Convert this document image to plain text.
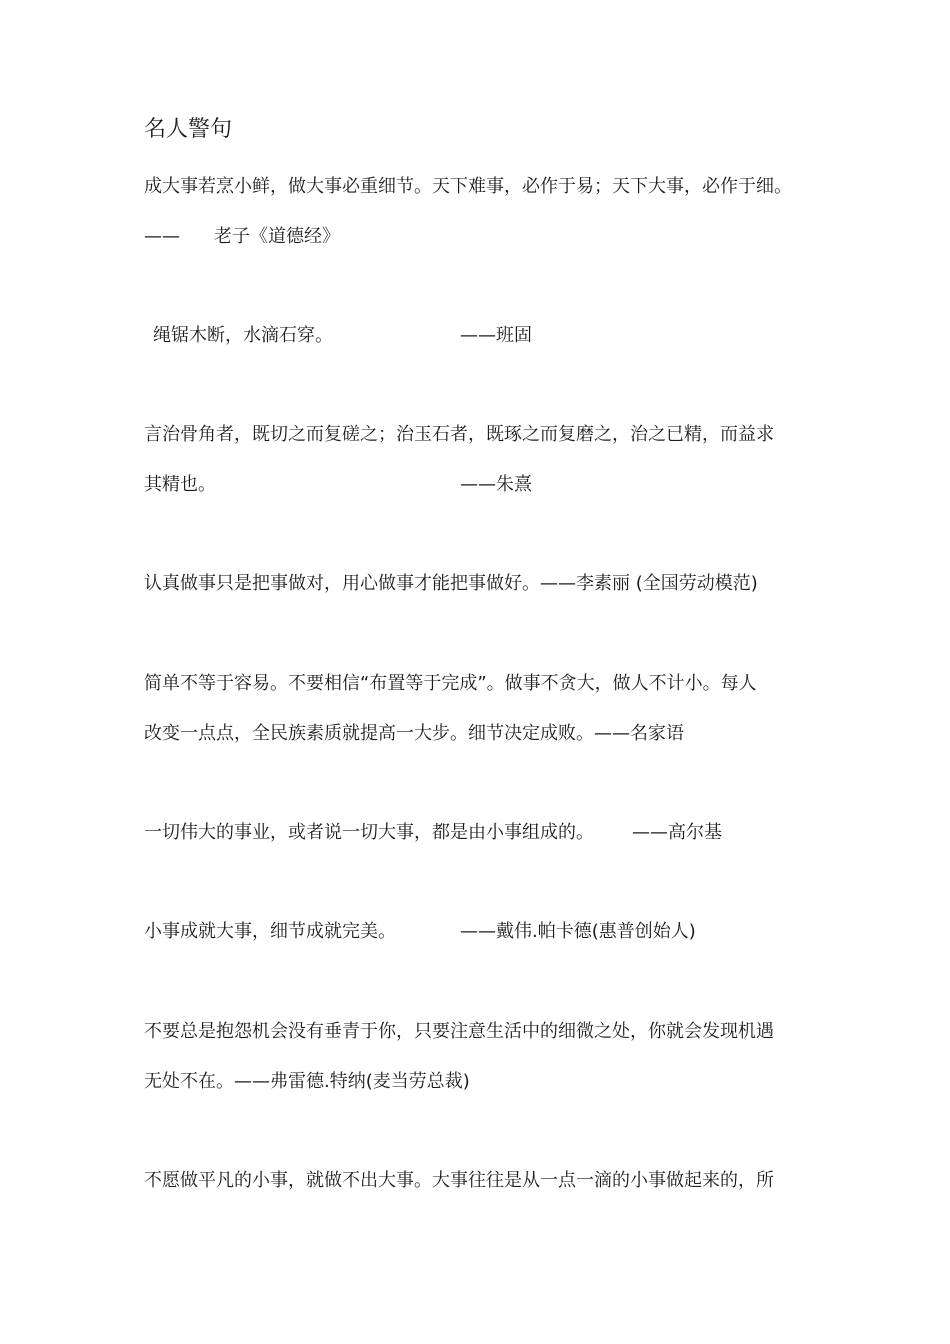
名人警句
成大事若烹小鲜，做大事必重细节。天下难事，必作于易；天下大事，必作于细。
—— 老子《道德经》
绳锯木断，水滴石穿。	——班固
言治骨角者，既切之而复磋之；治玉石者，既琢之而复磨之，治之已精，而益求
其精也。	——朱熹
认真做事只是把事做对，用心做事才能把事做好。——李素丽 (全国劳动模范)
简单不等于容易。不要相信“布置等于完成”。做事不贪大，做人不计小。每人
改变一点点，全民族素质就提高一大步。细节决定成败。——名家语
一切伟大的事业，或者说一切大事，都是由小事组成的。 ——高尔基
小事成就大事，细节成就完美。	——戴伟.帕卡德(惠普创始人)
不要总是抱怨机会没有垂青于你，只要注意生活中的细微之处，你就会发现机遇
无处不在。——弗雷德.特纳(麦当劳总裁)
不愿做平凡的小事，就做不出大事。大事往往是从一点一滴的小事做起来的，所
